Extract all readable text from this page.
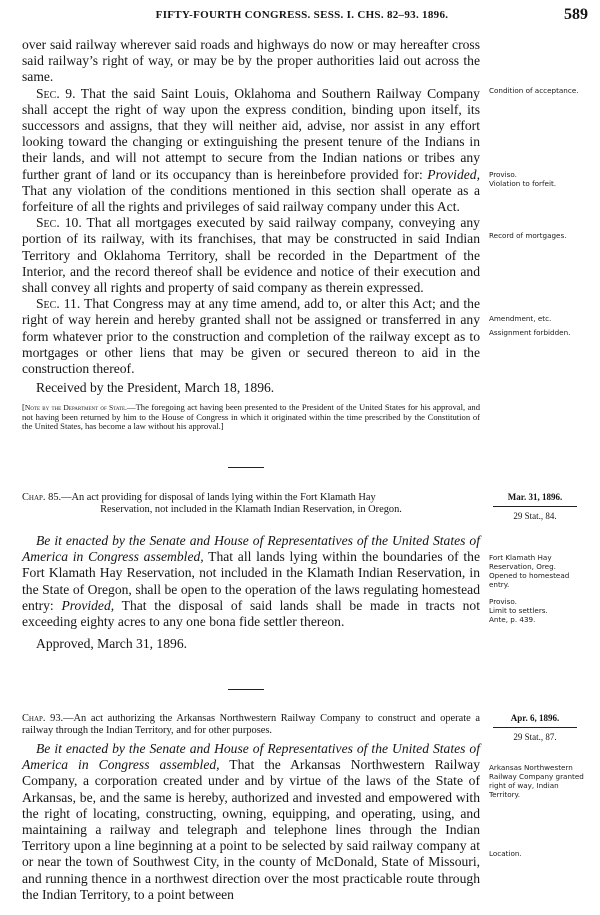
FIFTY-FOURTH CONGRESS. SESS. I. CHS. 82–93. 1896.	589

over said railway wherever said roads and highways do now or may hereafter cross said railway’s right of way, or may be by the proper authorities laid out across the same.

Sec. 9. That the said Saint Louis, Oklahoma and Southern Railway Company shall accept the right of way upon the express condition, binding upon itself, its successors and assigns, that they will neither aid, advise, nor assist in any effort looking toward the changing or extinguishing the present tenure of the Indians in their lands, and will not attempt to secure from the Indian nations or tribes any further grant of land or its occupancy than is hereinbefore provided for: Provided, That any violation of the conditions mentioned in this section shall operate as a forfeiture of all the rights and privileges of said railway company under this Act.

Sec. 10. That all mortgages executed by said railway company, conveying any portion of its railway, with its franchises, that may be constructed in said Indian Territory and Oklahoma Territory, shall be recorded in the Department of the Interior, and the record thereof shall be evidence and notice of their execution and shall convey all rights and property of said company as therein expressed.

Sec. 11. That Congress may at any time amend, add to, or alter this Act; and the right of way herein and hereby granted shall not be assigned or transferred in any form whatever prior to the construction and completion of the railway except as to mortgages or other liens that may be given or secured thereon to aid in the construction thereof.

Received by the President, March 18, 1896.

[Note by the Department of State.—The foregoing act having been presented to the President of the United States for his approval, and not having been returned by him to the House of Congress in which it originated within the time prescribed by the Constitution of the United States, has become a law without his approval.]
Condition of acceptance.
Proviso.
Violation to forfeit.
Record of mortgages.
Amendment, etc.
Assignment forbidden.
Chap. 85.—An act providing for disposal of lands lying within the Fort Klamath Hay
Reservation, not included in the Klamath Indian Reservation, in Oregon.
Mar. 31, 1896.
29 Stat., 84.

Be it enacted by the Senate and House of Representatives of the United States of America in Congress assembled, That all lands lying within the boundaries of the Fort Klamath Hay Reservation, not included in the Klamath Indian Reservation, in the State of Oregon, shall be open to the operation of the laws regulating homestead entry: Provided, That the disposal of said lands shall be made in tracts not exceeding eighty acres to any one bona fide settler thereon.

Approved, March 31, 1896.

Fort Klamath Hay Reservation, Oreg.
Opened to homestead entry.
Proviso.
Limit to settlers.
Ante, p. 439.
Chap. 93.—An act authorizing the Arkansas Northwestern Railway Company to construct and operate a railway through the Indian Territory, and for other purposes.
Apr. 6, 1896.
29 Stat., 87.

Be it enacted by the Senate and House of Representatives of the United States of America in Congress assembled, That the Arkansas Northwestern Railway Company, a corporation created under and by virtue of the laws of the State of Arkansas, be, and the same is hereby, authorized and invested and empowered with the right of locating, constructing, owning, equipping, and operating, using, and maintaining a railway and telegraph and telephone lines through the Indian Territory upon a line beginning at a point to be selected by said railway company at or near the town of Southwest City, in the county of McDonald, State of Missouri, and running thence in a northwest direction over the most practicable route through the Indian Territory, to a point between

Arkansas Northwestern Railway Company granted right of way, Indian Territory.
Location.
